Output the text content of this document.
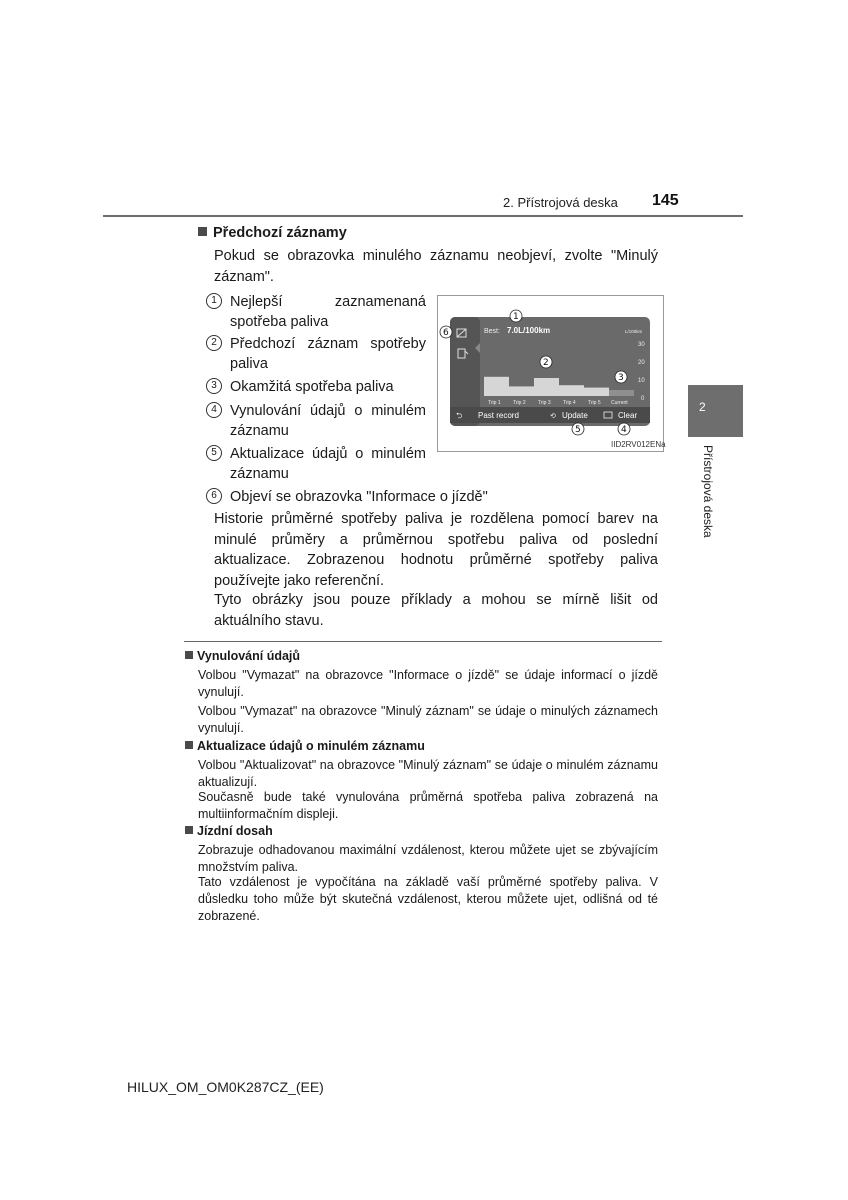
2. Přístrojová deska 145
2
Přístrojová deska
Předchozí záznamy
Pokud se obrazovka minulého záznamu neobjeví, zvolte "Minulý záznam".
1 Nejlepší zaznamenaná spotřeba paliva
2 Předchozí záznam spotřeby paliva
3 Okamžitá spotřeba paliva
4 Vynulování údajů o minulém záznamu
5 Aktualizace údajů o minulém záznamu
6 Objeví se obrazovka "Informace o jízdě"
Best: 7.0L/100km	L/100km
30
20
10
0
Trip 1 Trip 2 Trip 3 Trip 4 Trip 5 Current
⮌ Past record	⟲ Update	Clear
1
2
3
4
5
6
IID2RV012ENa
Historie průměrné spotřeby paliva je rozdělena pomocí barev na minulé průměry a průměrnou spotřebu paliva od poslední aktualizace. Zobrazenou hodnotu průměrné spotřeby paliva používejte jako referenční.
Tyto obrázky jsou pouze příklady a mohou se mírně lišit od aktuálního stavu.
Vynulování údajů
Volbou "Vymazat" na obrazovce "Informace o jízdě" se údaje informací o jízdě vynulují.
Volbou "Vymazat" na obrazovce "Minulý záznam" se údaje o minulých záznamech vynulují.
Aktualizace údajů o minulém záznamu
Volbou "Aktualizovat" na obrazovce "Minulý záznam" se údaje o minulém záznamu aktualizují.
Současně bude také vynulována průměrná spotřeba paliva zobrazená na multiinformačním displeji.
Jízdní dosah
Zobrazuje odhadovanou maximální vzdálenost, kterou můžete ujet se zbývajícím množstvím paliva.
Tato vzdálenost je vypočítána na základě vaší průměrné spotřeby paliva. V důsledku toho může být skutečná vzdálenost, kterou můžete ujet, odlišná od té zobrazené.
HILUX_OM_OM0K287CZ_(EE)
